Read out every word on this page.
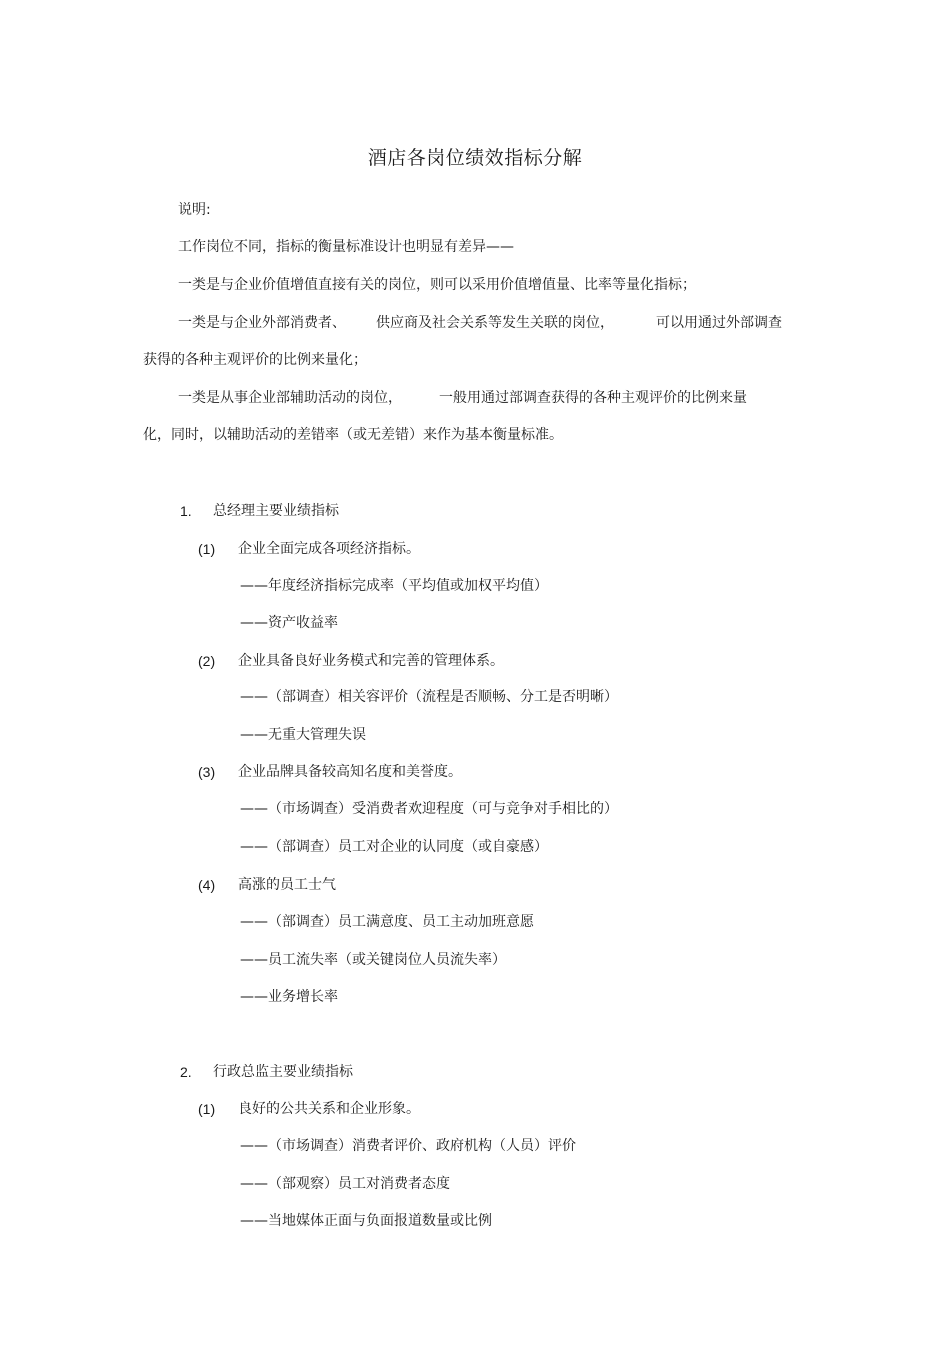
酒店各岗位绩效指标分解
说明:
工作岗位不同，指标的衡量标准设计也明显有差异——
一类是与企业价值增值直接有关的岗位，则可以采用价值增值量、比率等量化指标；
一类是与企业外部消费者、 供应商及社会关系等发生关联的岗位，	可以用通过外部调查
获得的各种主观评价的比例来量化；
一类是从事企业部辅助活动的岗位，	一般用通过部调查获得的各种主观评价的比例来量
化，同时，以辅助活动的差错率（或无差错）来作为基本衡量标准。
1. 总经理主要业绩指标
(1) 企业全面完成各项经济指标。
——年度经济指标完成率（平均值或加权平均值）
——资产收益率
(2) 企业具备良好业务模式和完善的管理体系。
——（部调查）相关容评价（流程是否顺畅、分工是否明晰）
——无重大管理失误
(3) 企业品牌具备较高知名度和美誉度。
——（市场调查）受消费者欢迎程度（可与竞争对手相比的）
——（部调查）员工对企业的认同度（或自豪感）
(4) 高涨的员工士气
——（部调查）员工满意度、员工主动加班意愿
——员工流失率（或关键岗位人员流失率）
——业务增长率
2. 行政总监主要业绩指标
(1) 良好的公共关系和企业形象。
——（市场调查）消费者评价、政府机构（人员）评价
——（部观察）员工对消费者态度
——当地媒体正面与负面报道数量或比例
